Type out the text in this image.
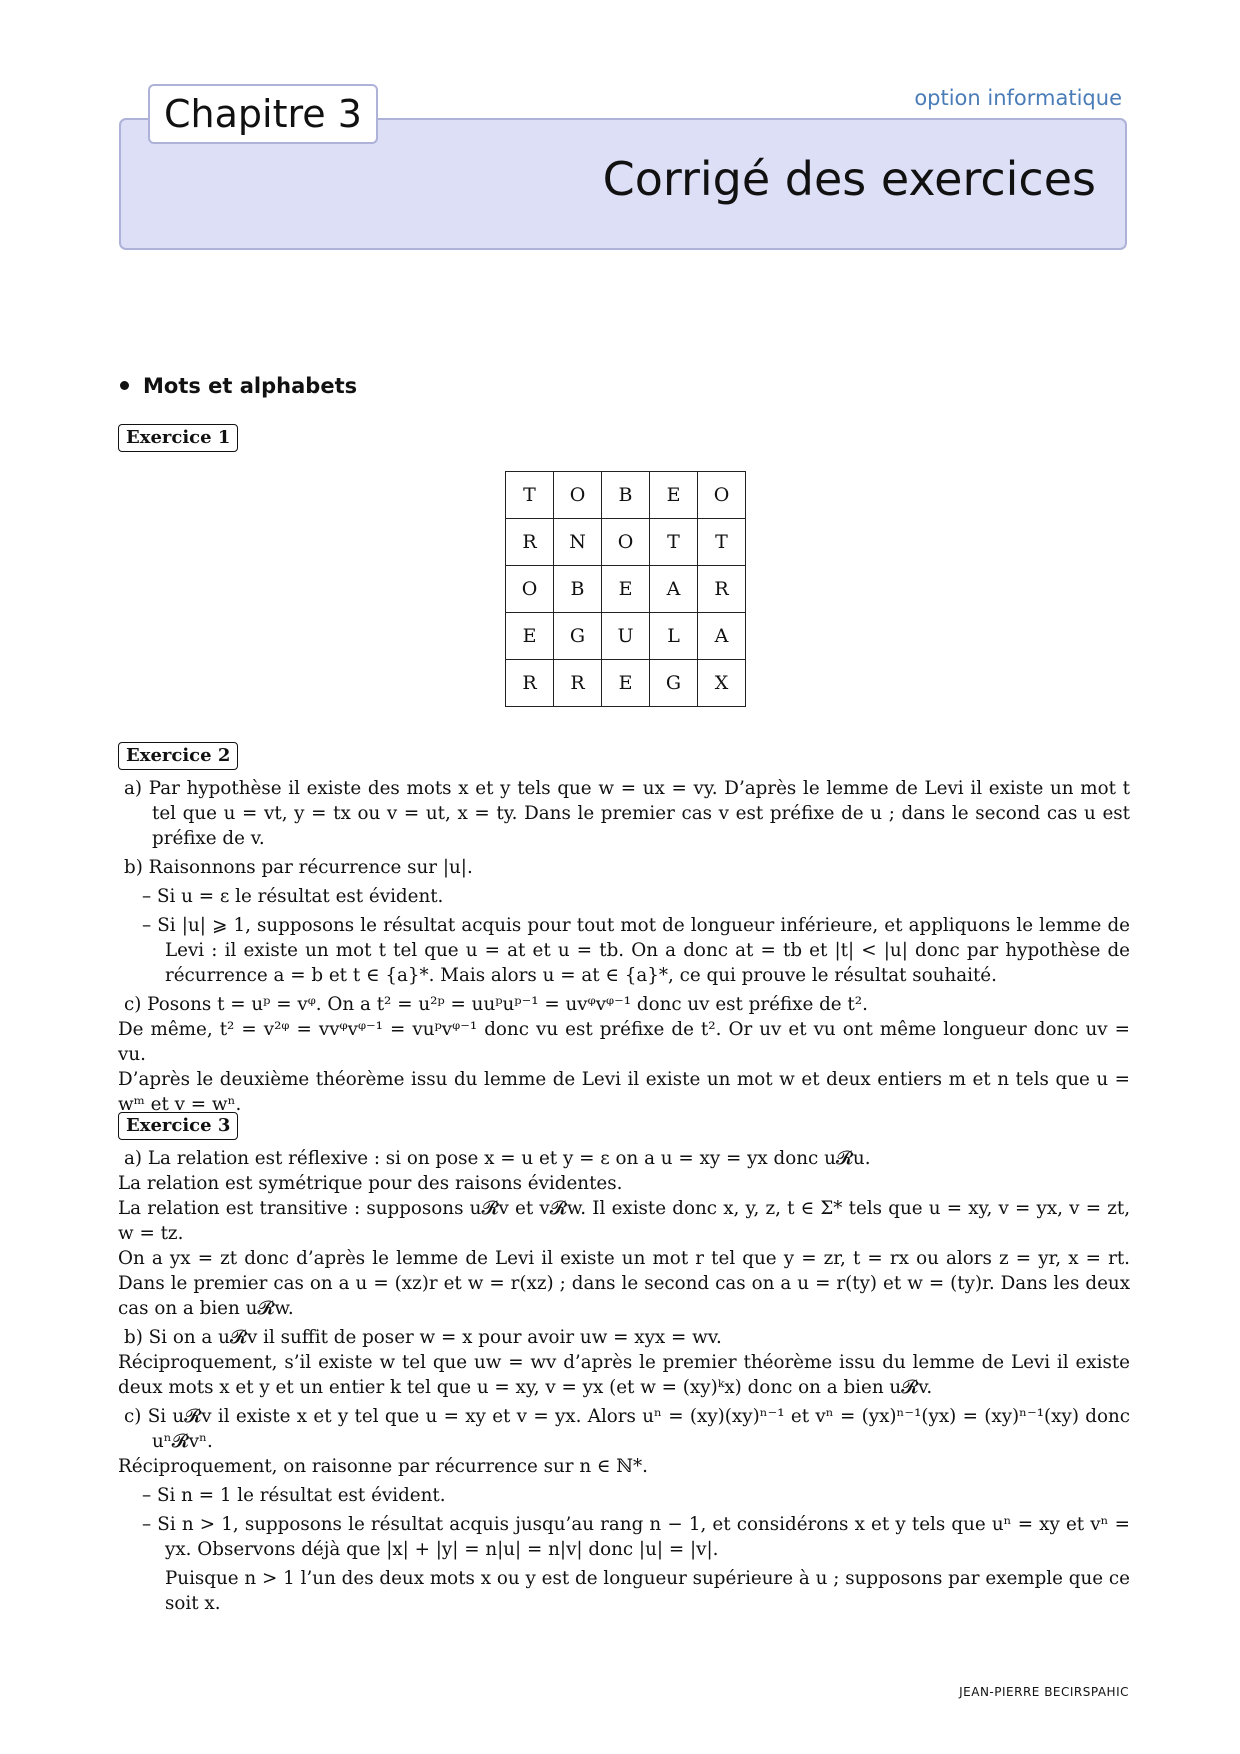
Chapitre 3	option informatique
Corrigé des exercices
Mots et alphabets
Exercice 1
T	O	B	E	O
R	N	O	T	T
O	B	E	A	R
E	G	U	L	A
R	R	E	G	X
Exercice 2

a) Par hypothèse il existe des mots x et y tels que w = ux = vy. D’après le lemme de Levi il existe un mot t tel que u = vt, y = tx ou v = ut, x = ty. Dans le premier cas v est préfixe de u ; dans le second cas u est préfixe de v.

b) Raisonnons par récurrence sur |u|.

– Si u = ε le résultat est évident.

– Si |u| ⩾ 1, supposons le résultat acquis pour tout mot de longueur inférieure, et appliquons le lemme de Levi : il existe un mot t tel que u = at et u = tb. On a donc at = tb et |t| < |u| donc par hypothèse de récurrence a = b et t ∈ {a}*. Mais alors u = at ∈ {a}*, ce qui prouve le résultat souhaité.

c) Posons t = uᵖ = vᵠ. On a t² = u²ᵖ = uuᵖuᵖ⁻¹ = uvᵠvᵠ⁻¹ donc uv est préfixe de t².

De même, t² = v²ᵠ = vvᵠvᵠ⁻¹ = vuᵖvᵠ⁻¹ donc vu est préfixe de t². Or uv et vu ont même longueur donc uv = vu.

D’après le deuxième théorème issu du lemme de Levi il existe un mot w et deux entiers m et n tels que u = wᵐ et v = wⁿ.

Exercice 3

a) La relation est réflexive : si on pose x = u et y = ε on a u = xy = yx donc u𝓡u.

La relation est symétrique pour des raisons évidentes.

La relation est transitive : supposons u𝓡v et v𝓡w. Il existe donc x, y, z, t ∈ Σ* tels que u = xy, v = yx, v = zt, w = tz.

On a yx = zt donc d’après le lemme de Levi il existe un mot r tel que y = zr, t = rx ou alors z = yr, x = rt. Dans le premier cas on a u = (xz)r et w = r(xz) ; dans le second cas on a u = r(ty) et w = (ty)r. Dans les deux cas on a bien u𝓡w.

b) Si on a u𝓡v il suffit de poser w = x pour avoir uw = xyx = wv.

Réciproquement, s’il existe w tel que uw = wv d’après le premier théorème issu du lemme de Levi il existe deux mots x et y et un entier k tel que u = xy, v = yx (et w = (xy)ᵏx) donc on a bien u𝓡v.

c) Si u𝓡v il existe x et y tel que u = xy et v = yx. Alors uⁿ = (xy)(xy)ⁿ⁻¹ et vⁿ = (yx)ⁿ⁻¹(yx) = (xy)ⁿ⁻¹(xy) donc uⁿ𝓡vⁿ.

Réciproquement, on raisonne par récurrence sur n ∈ ℕ*.

– Si n = 1 le résultat est évident.

– Si n > 1, supposons le résultat acquis jusqu’au rang n − 1, et considérons x et y tels que uⁿ = xy et vⁿ = yx. Observons déjà que |x| + |y| = n|u| = n|v| donc |u| = |v|.

Puisque n > 1 l’un des deux mots x ou y est de longueur supérieure à u ; supposons par exemple que ce soit x.

JEAN-PIERRE BECIRSPAHIC
